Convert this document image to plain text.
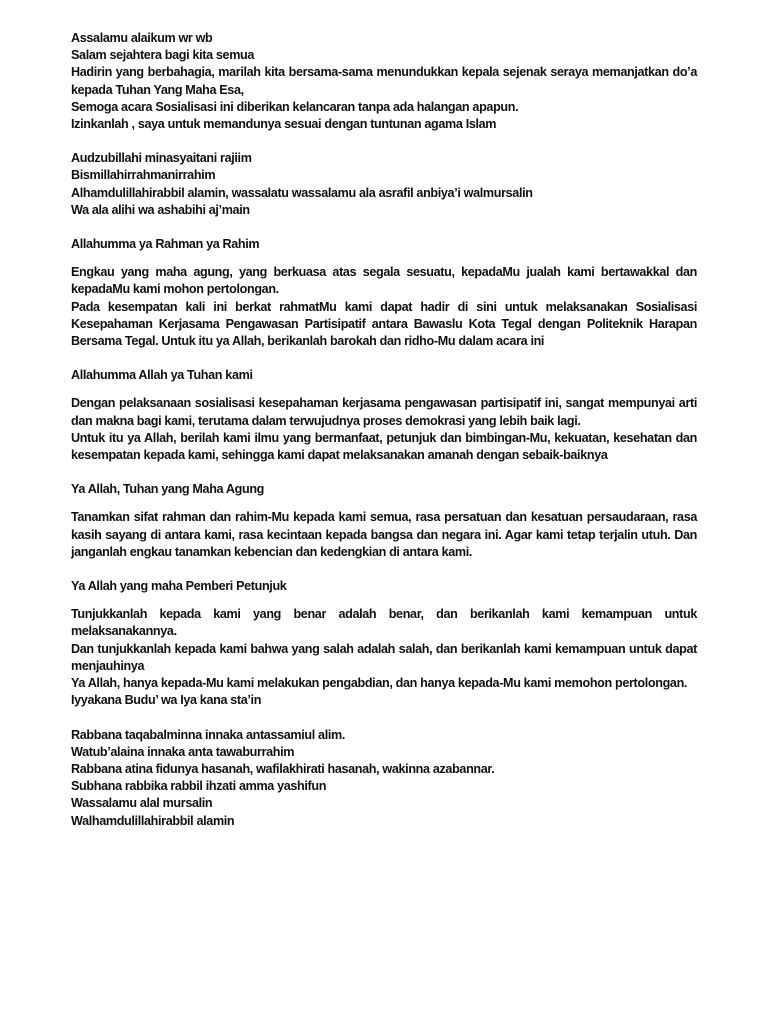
Assalamu alaikum wr wb
Salam sejahtera bagi kita semua
Hadirin yang berbahagia, marilah kita bersama-sama menundukkan kepala sejenak seraya memanjatkan do’a kepada Tuhan Yang Maha Esa,
Semoga acara Sosialisasi ini diberikan kelancaran tanpa ada halangan apapun.
Izinkanlah , saya untuk memandunya sesuai dengan tuntunan agama Islam
Audzubillahi minasyaitani rajiim
Bismillahirrahmanirrahim
Alhamdulillahirabbil alamin, wassalatu wassalamu ala asrafil anbiya’i walmursalin
Wa ala alihi wa ashabihi aj’main
Allahumma ya Rahman ya Rahim
Engkau yang maha agung, yang berkuasa atas segala sesuatu, kepadaMu jualah kami bertawakkal dan kepadaMu kami mohon pertolongan.
Pada kesempatan kali ini berkat rahmatMu kami dapat hadir di sini untuk melaksanakan Sosialisasi Kesepahaman Kerjasama Pengawasan Partisipatif antara Bawaslu Kota Tegal dengan Politeknik Harapan Bersama Tegal. Untuk itu ya Allah, berikanlah barokah dan ridho-Mu dalam acara ini
Allahumma Allah ya Tuhan kami
Dengan pelaksanaan sosialisasi kesepahaman kerjasama pengawasan partisipatif ini, sangat mempunyai arti dan makna bagi kami, terutama dalam terwujudnya proses demokrasi yang lebih baik lagi.
Untuk itu ya Allah, berilah kami ilmu yang bermanfaat, petunjuk dan bimbingan-Mu, kekuatan, kesehatan dan kesempatan kepada kami, sehingga kami dapat melaksanakan amanah dengan sebaik-baiknya
Ya Allah, Tuhan yang Maha Agung
Tanamkan sifat rahman dan rahim-Mu kepada kami semua, rasa persatuan dan kesatuan persaudaraan, rasa kasih sayang di antara kami, rasa kecintaan kepada bangsa dan negara ini. Agar kami tetap terjalin utuh. Dan janganlah engkau tanamkan kebencian dan kedengkian di antara kami.
Ya Allah yang maha Pemberi Petunjuk
Tunjukkanlah kepada kami yang benar adalah benar, dan berikanlah kami kemampuan untuk melaksanakannya.
Dan tunjukkanlah kepada kami bahwa yang salah adalah salah, dan berikanlah kami kemampuan untuk dapat menjauhinya
Ya Allah, hanya kepada-Mu kami melakukan pengabdian, dan hanya kepada-Mu kami memohon pertolongan.
Iyyakana Budu’ wa Iya kana sta’in
Rabbana taqabalminna innaka antassamiul alim.
Watub’alaina innaka anta tawaburrahim
Rabbana atina fidunya hasanah, wafilakhirati hasanah, wakinna azabannar.
Subhana rabbika rabbil ihzati amma yashifun
Wassalamu alal mursalin
Walhamdulillahirabbil alamin
